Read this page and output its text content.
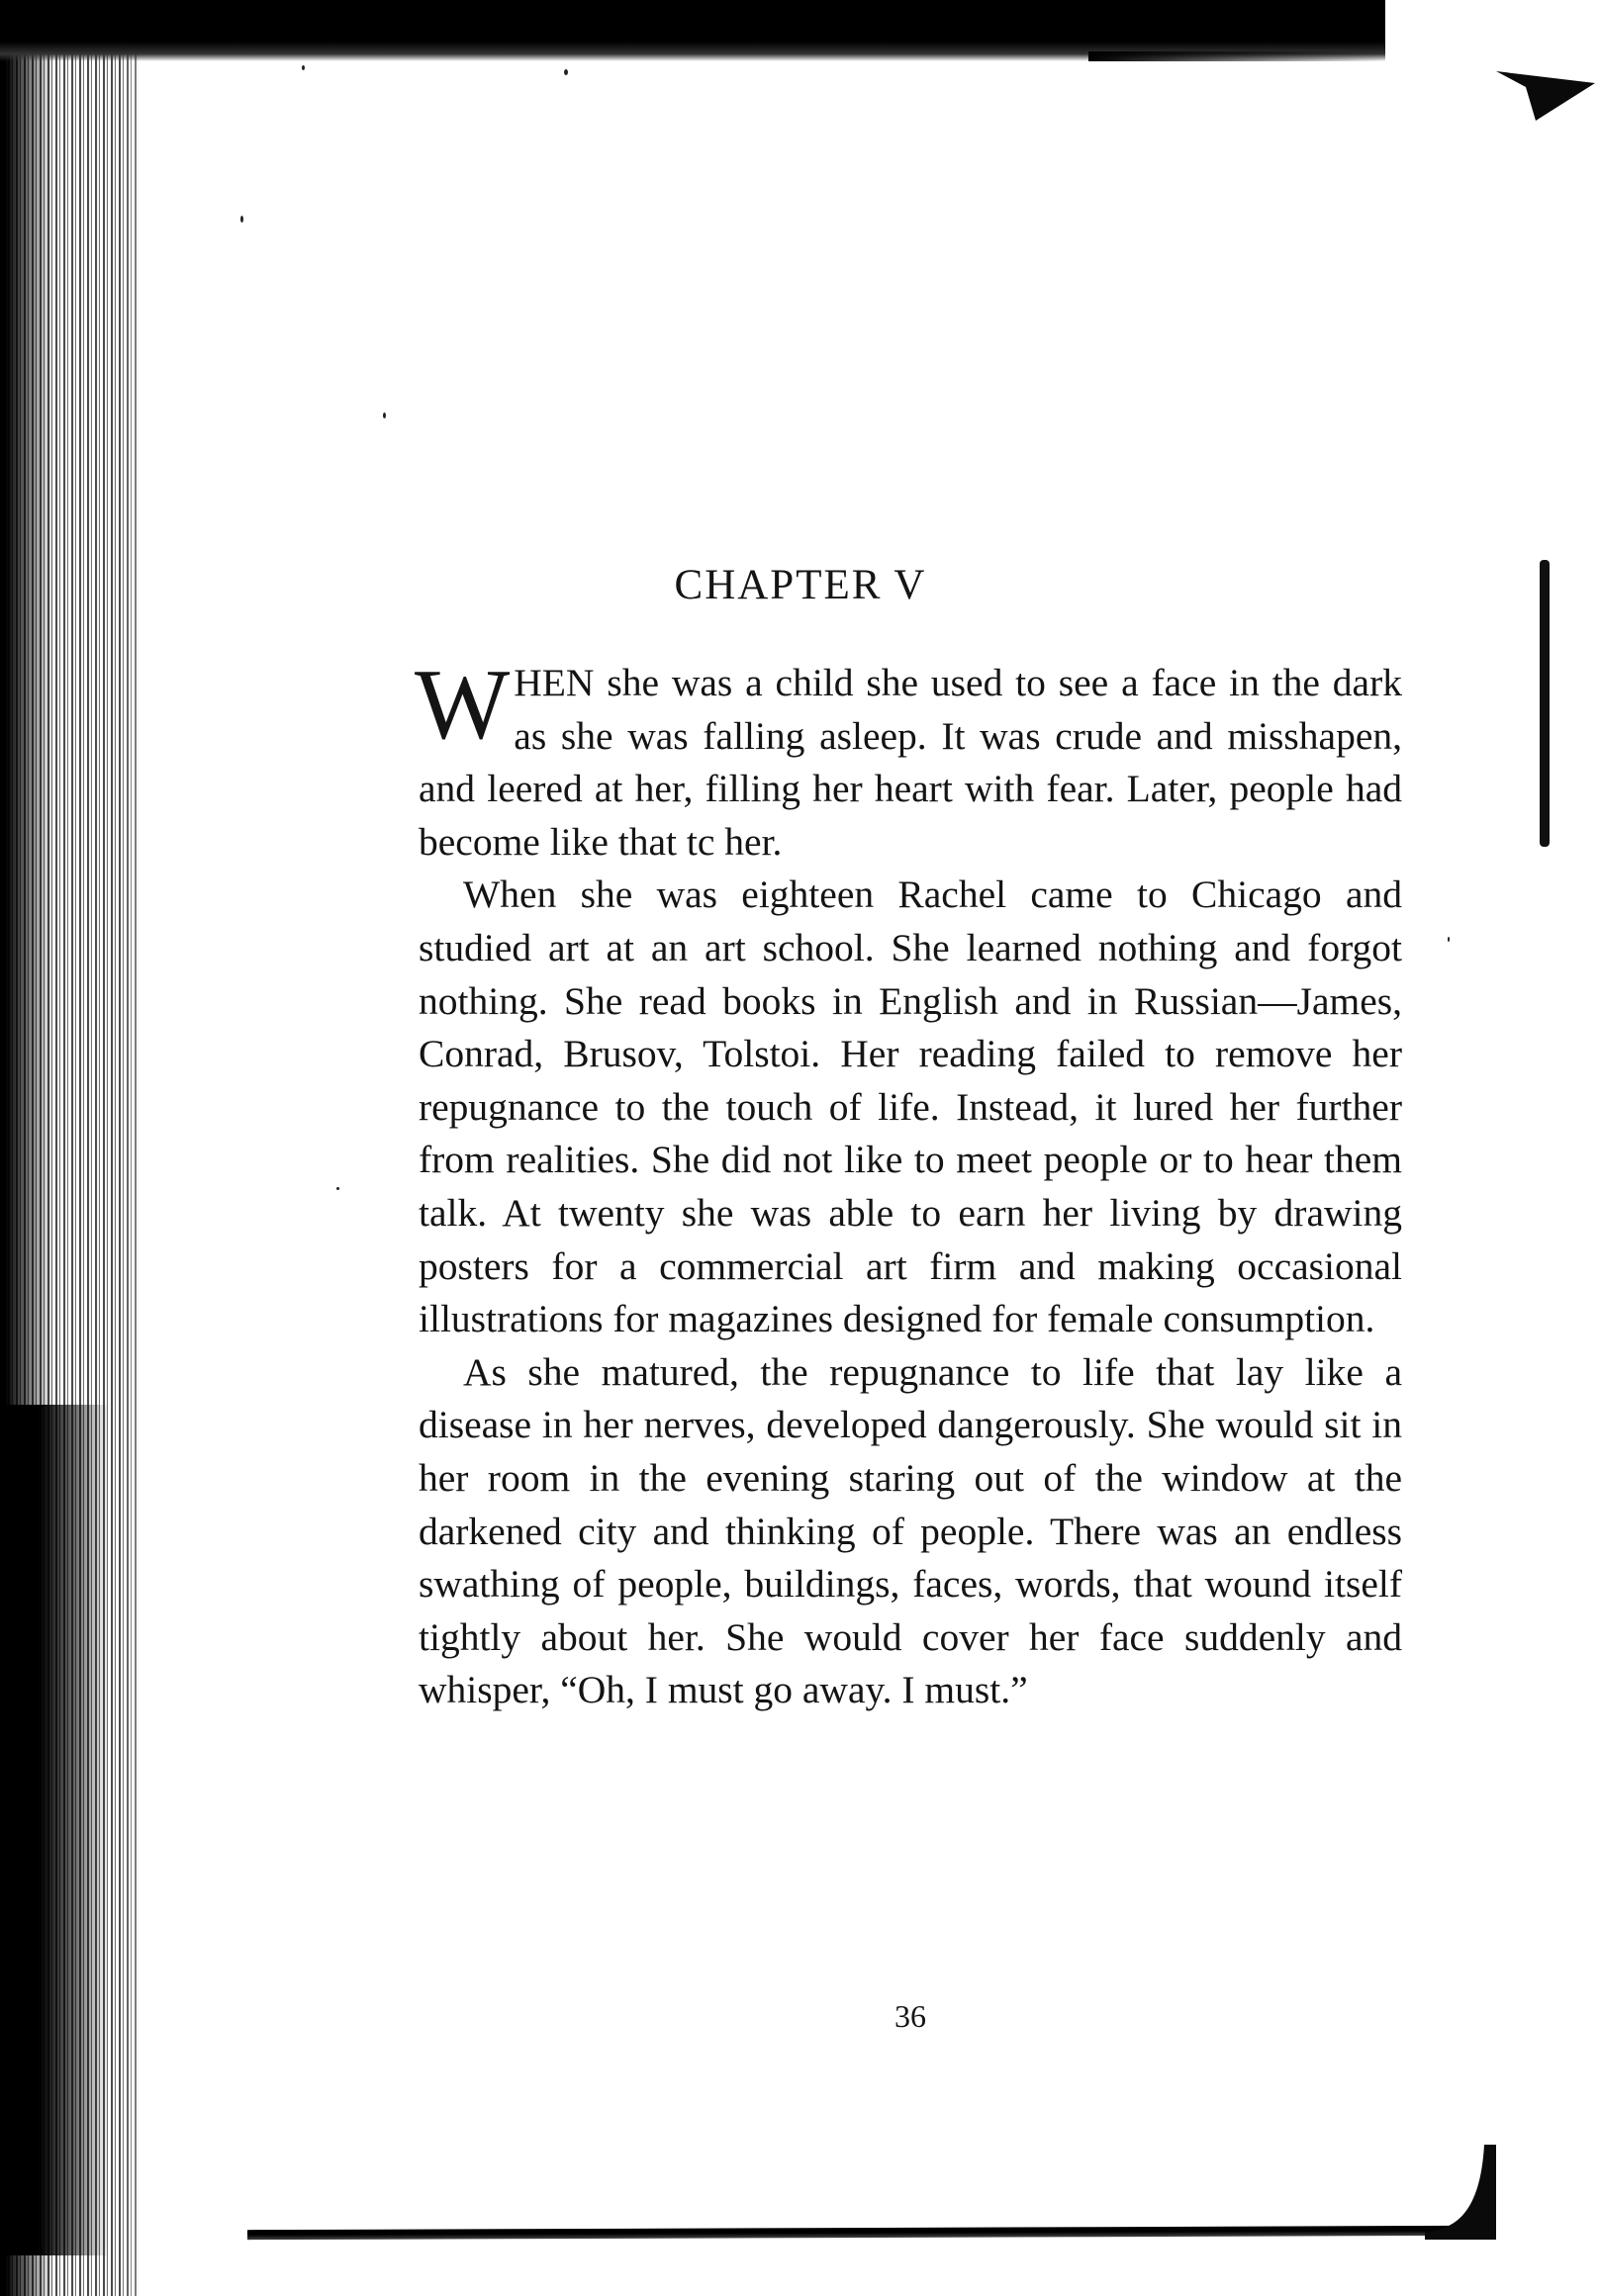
CHAPTER V

WHEN she was a child she used to see a face in the dark as she was falling asleep. It was crude and misshapen, and leered at her, filling her heart with fear. Later, people had become like that tc her.

When she was eighteen Rachel came to Chicago and studied art at an art school. She learned nothing and forgot nothing. She read books in English and in Russian—James, Conrad, Brusov, Tolstoi. Her reading failed to remove her repugnance to the touch of life. Instead, it lured her further from realities. She did not like to meet people or to hear them talk. At twenty she was able to earn her living by drawing posters for a commercial art firm and making occasional illustrations for magazines designed for female consumption.

As she matured, the repugnance to life that lay like a disease in her nerves, developed dangerously. She would sit in her room in the evening staring out of the window at the darkened city and thinking of people. There was an endless swathing of people, buildings, faces, words, that wound itself tightly about her. She would cover her face suddenly and whisper, “Oh, I must go away. I must.”

36
